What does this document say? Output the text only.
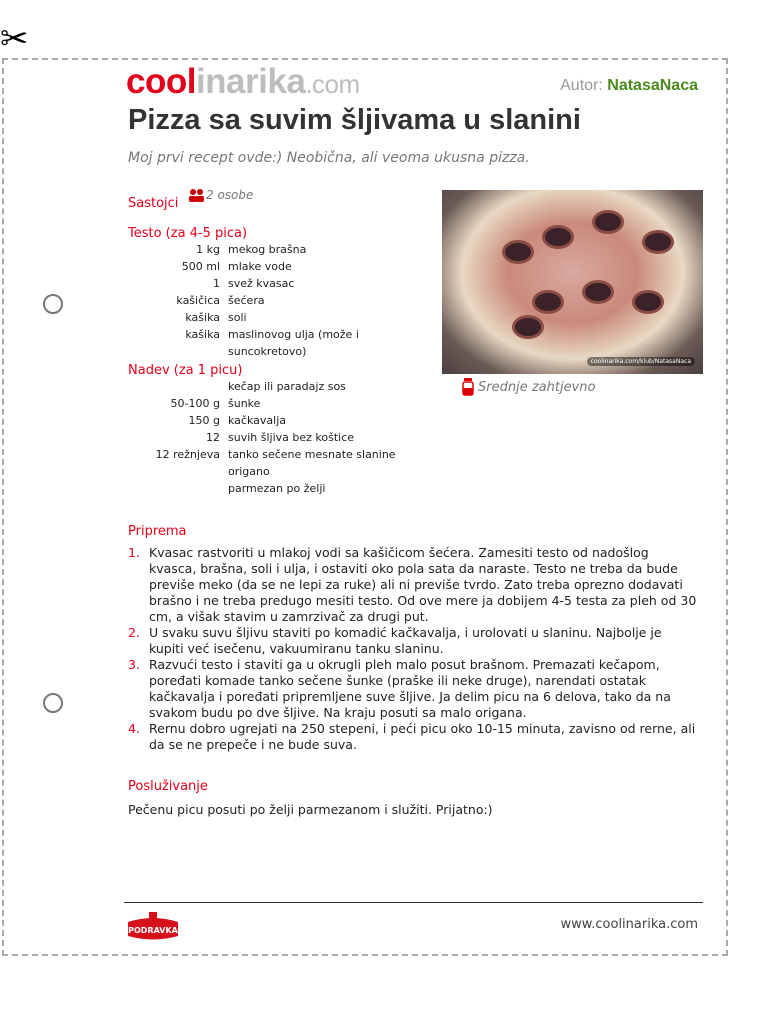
✂
coolinarika.com	Autor: NatasaNaca
Pizza sa suvim šljivama u slanini
Moj prvi recept ovde:) Neobična, ali veoma ukusna pizza.
Sastojci
2 osobe
Testo (za 4-5 pica)
1 kg mekog brašna
500 ml mlake vode
1 svež kvasac
kašičica šećera
kašika soli
kašika maslinovog ulja (može i suncokretovo)
Nadev (za 1 picu)
kečap ili paradajz sos
50-100 g šunke
150 g kačkavalja
12 suvih šljiva bez koštice
12 režnjeva tanko sečene mesnate slanine
origano
parmezan po želji
coolinarika.com/klub/NatasaNaca
Srednje zahtjevno
Priprema
1. Kvasac rastvoriti u mlakoj vodi sa kašičicom šećera. Zamesiti testo od nadošlog kvasca, brašna, soli i ulja, i ostaviti oko pola sata da naraste. Testo ne treba da bude previše meko (da se ne lepi za ruke) ali ni previše tvrdo. Zato treba oprezno dodavati brašno i ne treba predugo mesiti testo. Od ove mere ja dobijem 4-5 testa za pleh od 30 cm, a višak stavim u zamrzivač za drugi put.
2. U svaku suvu šljivu staviti po komadić kačkavalja, i urolovati u slaninu. Najbolje je kupiti već isečenu, vakuumiranu tanku slaninu.
3. Razvući testo i staviti ga u okrugli pleh malo posut brašnom. Premazati kečapom, poređati komade tanko sečene šunke (praške ili neke druge), narendati ostatak kačkavalja i poređati pripremljene suve šljive. Ja delim picu na 6 delova, tako da na svakom budu po dve šljive. Na kraju posuti sa malo origana.
4. Rernu dobro ugrejati na 250 stepeni, i peći picu oko 10-15 minuta, zavisno od rerne, ali da se ne prepeče i ne bude suva.
Posluživanje
Pečenu picu posuti po želji parmezanom i služiti. Prijatno:)
PODRAVKA	www.coolinarika.com
